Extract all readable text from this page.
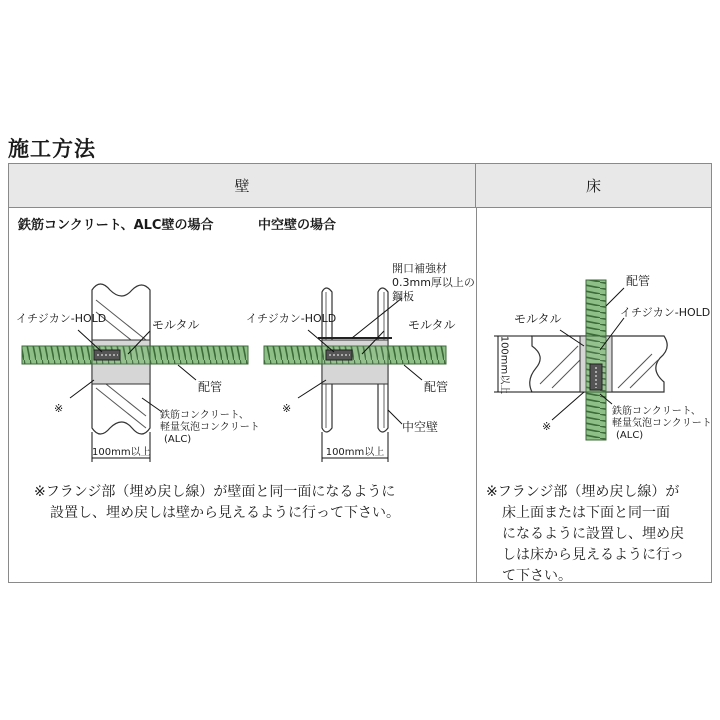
施工方法
壁	床
鉄筋コンクリート、ALC壁の場合	中空壁の場合
イチジカン-HOLD	モルタル
配管
※
鉄筋コンクリート、
軽量気泡コンクリート
(ALC)
100mm以上
開口補強材
0.3mm厚以上の
鋼板
イチジカン-HOLD	モルタル
配管
※
中空壁
100mm以上
※フランジ部（埋め戻し線）が壁面と同一面になるように
設置し、埋め戻しは壁から見えるように行って下さい。
配管
モルタル	イチジカン-HOLD
100mm以上
※
鉄筋コンクリート、
軽量気泡コンクリート
(ALC)
※フランジ部（埋め戻し線）が
床上面または下面と同一面
になるように設置し、埋め戻
しは床から見えるように行っ
て下さい。
